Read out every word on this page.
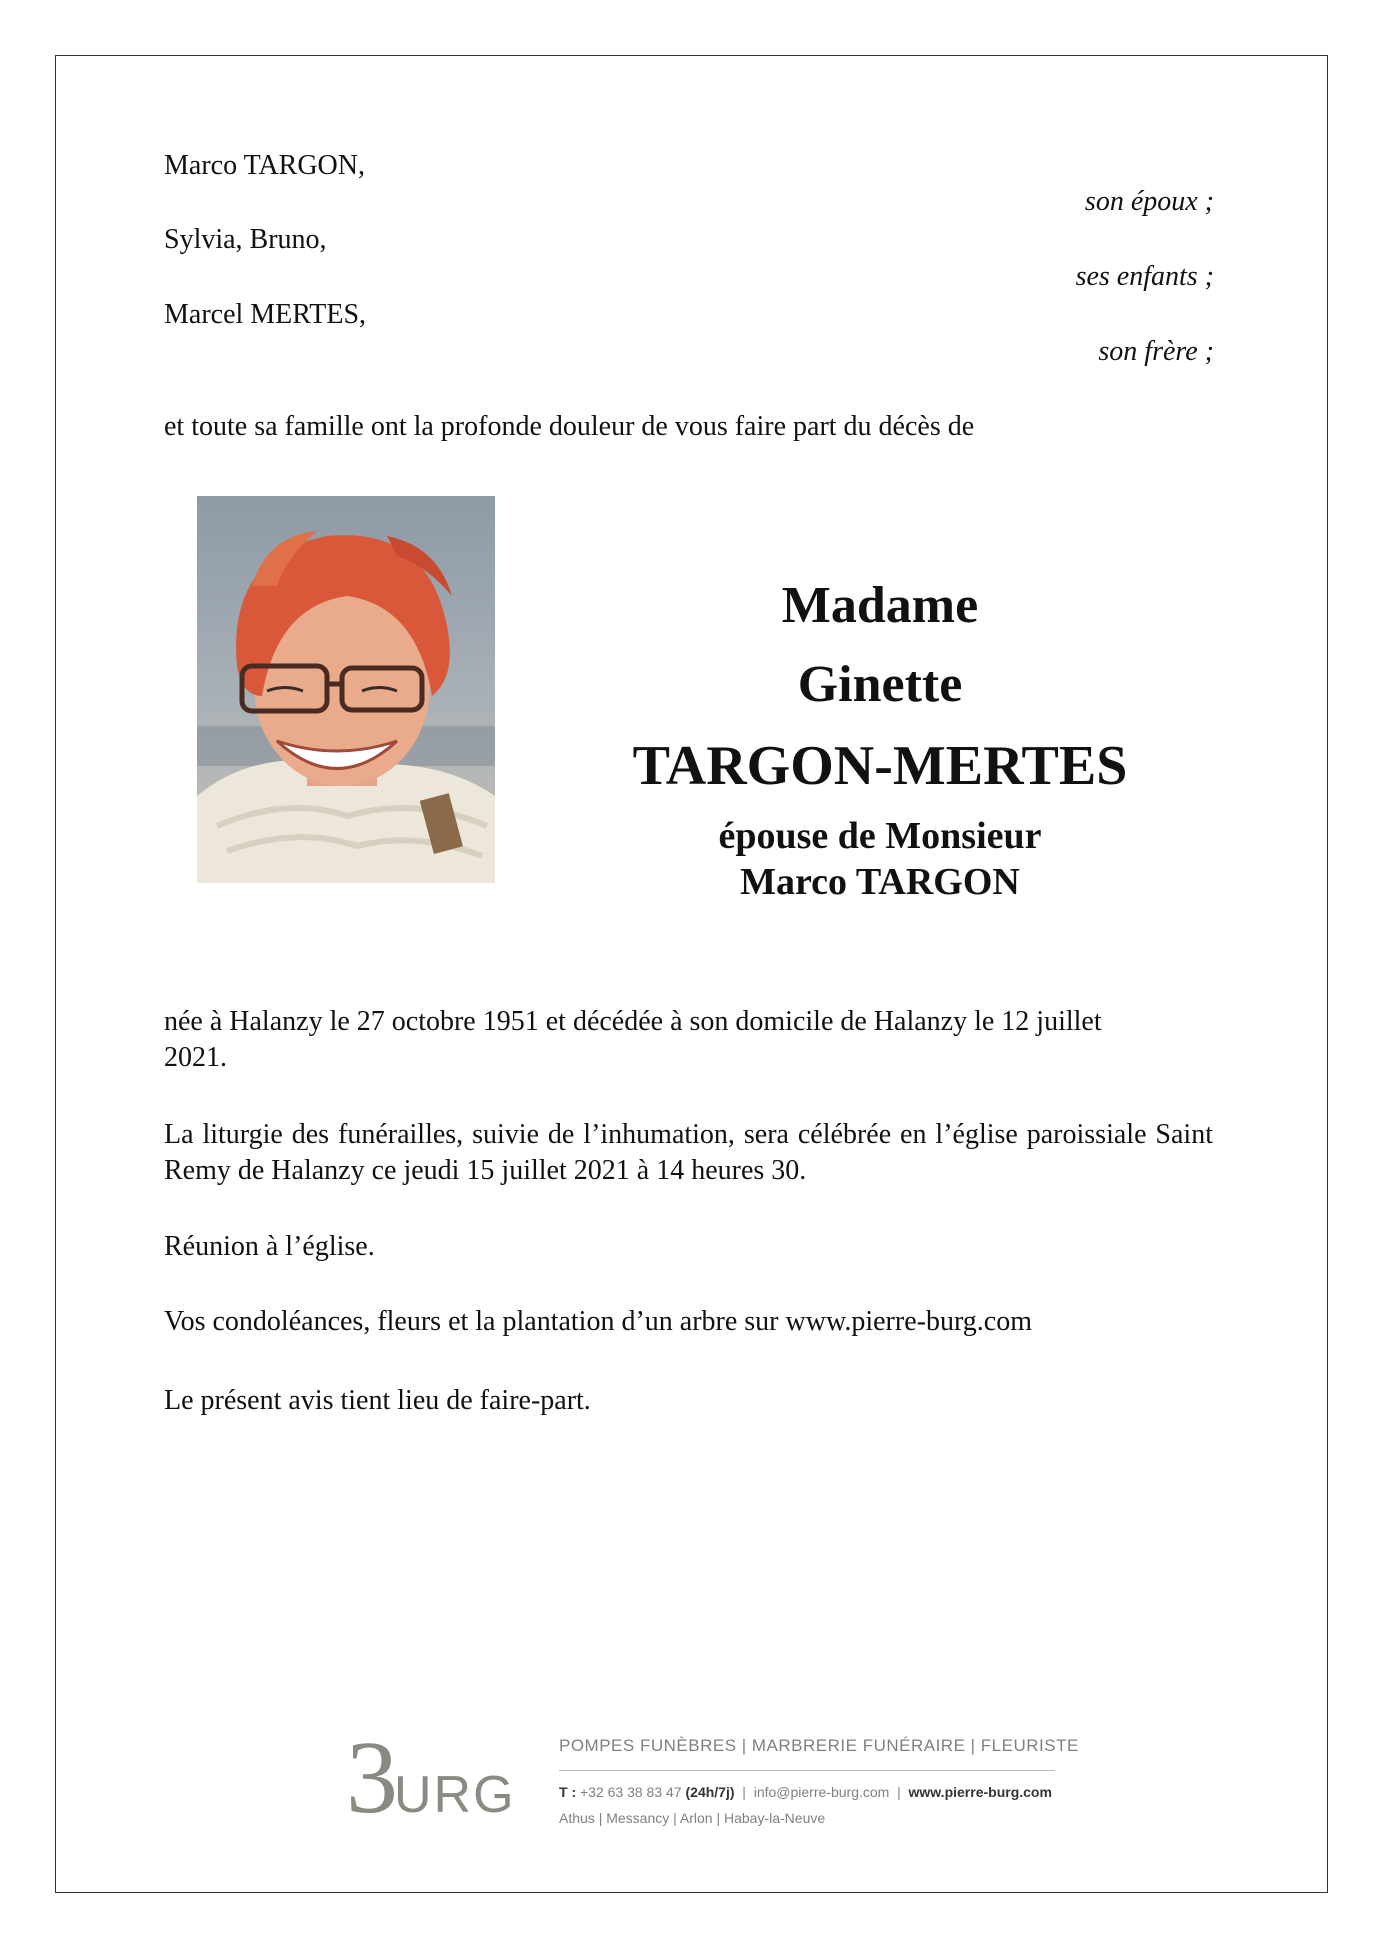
Marco TARGON,
son époux ;
Sylvia, Bruno,
ses enfants ;
Marcel MERTES,
son frère ;
et toute sa famille ont la profonde douleur de vous faire part du décès de
Madame
Ginette
TARGON-MERTES
épouse de Monsieur
Marco TARGON
née à Halanzy le 27 octobre 1951 et décédée à son domicile de Halanzy le 12 juillet 2021.
La liturgie des funérailles, suivie de l’inhumation, sera célébrée en l’église paroissiale Saint Remy de Halanzy ce jeudi 15 juillet 2021 à 14 heures 30.
Réunion à l’église.
Vos condoléances, fleurs et la plantation d’un arbre sur www.pierre-burg.com
Le présent avis tient lieu de faire-part.
3
URG
POMPES FUNÈBRES | MARBRERIE FUNÉRAIRE | FLEURISTE
T : +32 63 38 83 47 (24h/7j)  |  info@pierre-burg.com  |  www.pierre-burg.com
Athus | Messancy | Arlon | Habay-la-Neuve
